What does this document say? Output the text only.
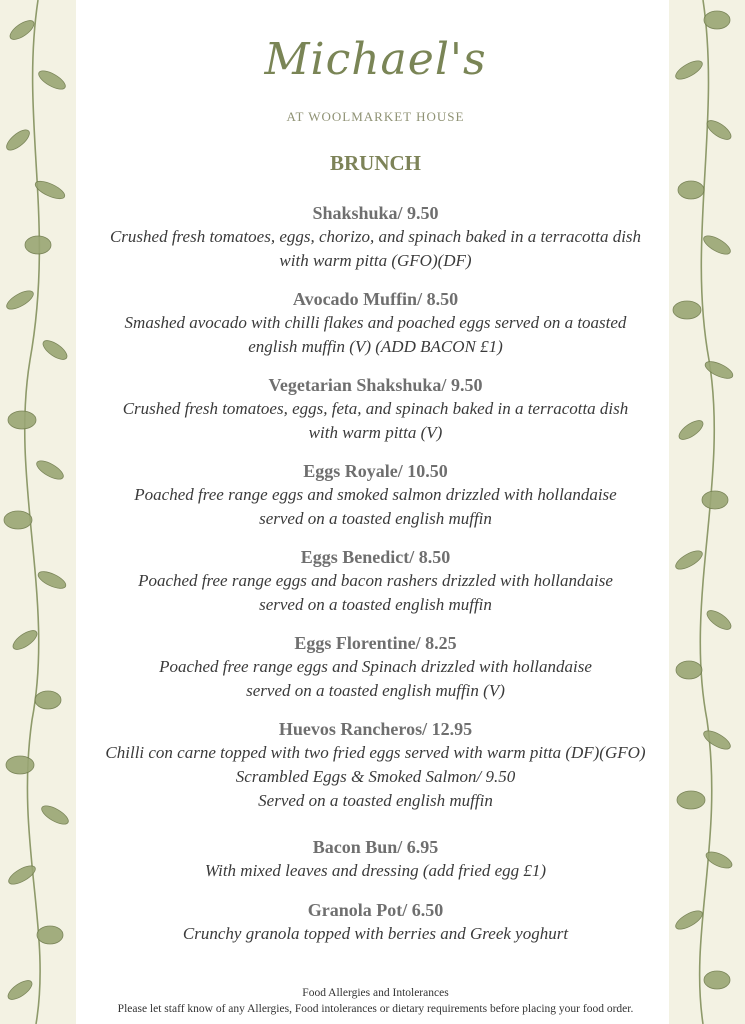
Michael's
AT WOOLMARKET HOUSE
BRUNCH
Shakshuka/ 9.50
Crushed fresh tomatoes, eggs, chorizo, and spinach baked in a terracotta dish
with warm pitta (GFO)(DF)
Avocado Muffin/ 8.50
Smashed avocado with chilli flakes and poached eggs served on a toasted
english muffin (V) (ADD BACON £1)
Vegetarian Shakshuka/ 9.50
Crushed fresh tomatoes, eggs, feta, and spinach baked in a terracotta dish
with warm pitta (V)
Eggs Royale/ 10.50
Poached free range eggs and smoked salmon drizzled with hollandaise
served on a toasted english muffin
Eggs Benedict/ 8.50
Poached free range eggs and bacon rashers drizzled with hollandaise
served on a toasted english muffin
Eggs Florentine/ 8.25
Poached free range eggs and Spinach drizzled with hollandaise
served on a toasted english muffin (V)
Huevos Rancheros/ 12.95
Chilli con carne topped with two fried eggs served with warm pitta (DF)(GFO)
Scrambled Eggs & Smoked Salmon/ 9.50
Served on a toasted english muffin
Bacon Bun/ 6.95
With mixed leaves and dressing (add fried egg £1)
Granola Pot/ 6.50
Crunchy granola topped with berries and Greek yoghurt
Food Allergies and Intolerances
Please let staff know of any Allergies, Food intolerances or dietary requirements before placing your food order.
